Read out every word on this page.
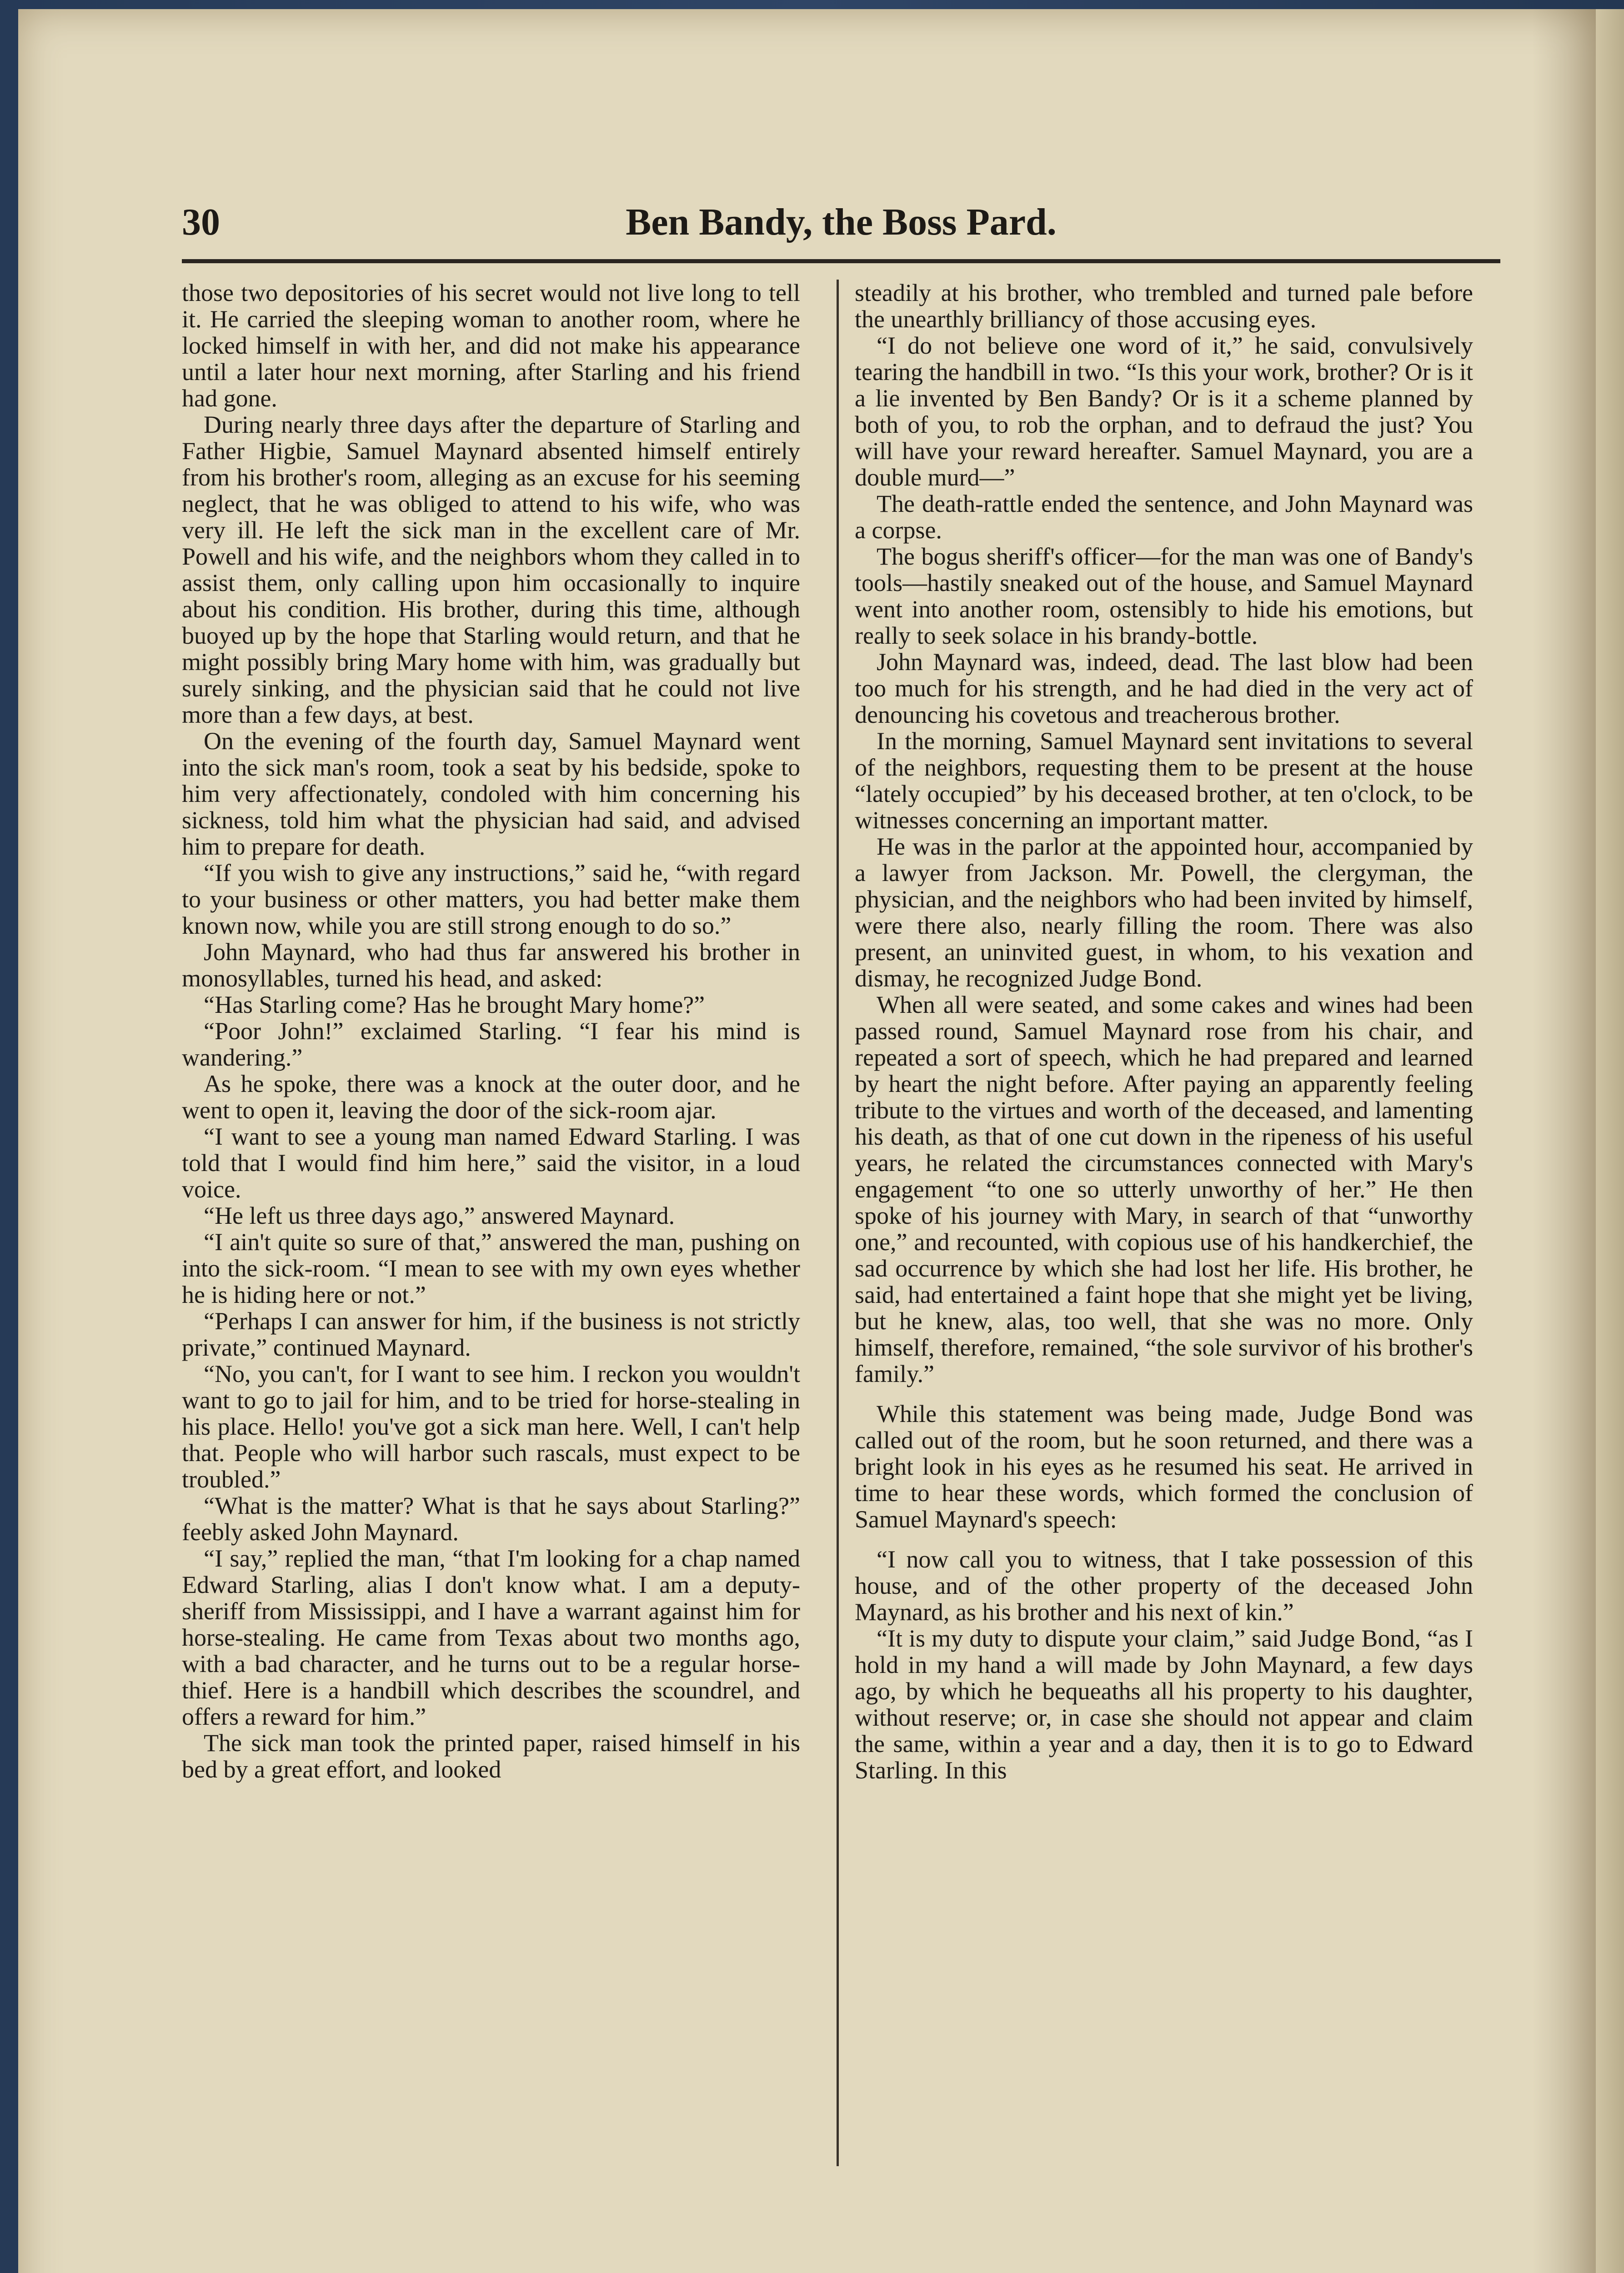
30	Ben Bandy, the Boss Pard.

those two depositories of his secret would not live long to tell it. He carried the sleeping woman to another room, where he locked himself in with her, and did not make his appearance until a later hour next morning, after Starling and his friend had gone.

During nearly three days after the departure of Starling and Father Higbie, Samuel Maynard absented himself entirely from his brother's room, alleging as an excuse for his seeming neglect, that he was obliged to attend to his wife, who was very ill. He left the sick man in the excellent care of Mr. Powell and his wife, and the neighbors whom they called in to assist them, only calling upon him occasionally to inquire about his condition. His brother, during this time, although buoyed up by the hope that Starling would return, and that he might possibly bring Mary home with him, was gradually but surely sinking, and the physician said that he could not live more than a few days, at best.

On the evening of the fourth day, Samuel Maynard went into the sick man's room, took a seat by his bedside, spoke to him very affectionately, condoled with him concerning his sickness, told him what the physician had said, and advised him to prepare for death.

“If you wish to give any instructions,” said he, “with regard to your business or other matters, you had better make them known now, while you are still strong enough to do so.”

John Maynard, who had thus far answered his brother in monosyllables, turned his head, and asked:

“Has Starling come? Has he brought Mary home?”

“Poor John!” exclaimed Starling. “I fear his mind is wandering.”

As he spoke, there was a knock at the outer door, and he went to open it, leaving the door of the sick-room ajar.

“I want to see a young man named Edward Starling. I was told that I would find him here,” said the visitor, in a loud voice.

“He left us three days ago,” answered Maynard.

“I ain't quite so sure of that,” answered the man, pushing on into the sick-room. “I mean to see with my own eyes whether he is hiding here or not.”

“Perhaps I can answer for him, if the business is not strictly private,” continued Maynard.

“No, you can't, for I want to see him. I reckon you wouldn't want to go to jail for him, and to be tried for horse-stealing in his place. Hello! you've got a sick man here. Well, I can't help that. People who will harbor such rascals, must expect to be troubled.”

“What is the matter? What is that he says about Starling?” feebly asked John Maynard.

“I say,” replied the man, “that I'm looking for a chap named Edward Starling, alias I don't know what. I am a deputy-sheriff from Mississippi, and I have a warrant against him for horse-stealing. He came from Texas about two months ago, with a bad character, and he turns out to be a regular horse-thief. Here is a handbill which describes the scoundrel, and offers a reward for him.”

The sick man took the printed paper, raised himself in his bed by a great effort, and looked

steadily at his brother, who trembled and turned pale before the unearthly brilliancy of those accusing eyes.

“I do not believe one word of it,” he said, convulsively tearing the handbill in two. “Is this your work, brother? Or is it a lie invented by Ben Bandy? Or is it a scheme planned by both of you, to rob the orphan, and to defraud the just? You will have your reward hereafter. Samuel Maynard, you are a double murd—”

The death-rattle ended the sentence, and John Maynard was a corpse.

The bogus sheriff's officer—for the man was one of Bandy's tools—hastily sneaked out of the house, and Samuel Maynard went into another room, ostensibly to hide his emotions, but really to seek solace in his brandy-bottle.

John Maynard was, indeed, dead. The last blow had been too much for his strength, and he had died in the very act of denouncing his covetous and treacherous brother.

In the morning, Samuel Maynard sent invitations to several of the neighbors, requesting them to be present at the house “lately occupied” by his deceased brother, at ten o'clock, to be witnesses concerning an important matter.

He was in the parlor at the appointed hour, accompanied by a lawyer from Jackson. Mr. Powell, the clergyman, the physician, and the neighbors who had been invited by himself, were there also, nearly filling the room. There was also present, an uninvited guest, in whom, to his vexation and dismay, he recognized Judge Bond.

When all were seated, and some cakes and wines had been passed round, Samuel Maynard rose from his chair, and repeated a sort of speech, which he had prepared and learned by heart the night before. After paying an apparently feeling tribute to the virtues and worth of the deceased, and lamenting his death, as that of one cut down in the ripeness of his useful years, he related the circumstances connected with Mary's engagement “to one so utterly unworthy of her.” He then spoke of his journey with Mary, in search of that “unworthy one,” and recounted, with copious use of his handkerchief, the sad occurrence by which she had lost her life. His brother, he said, had entertained a faint hope that she might yet be living, but he knew, alas, too well, that she was no more. Only himself, therefore, remained, “the sole survivor of his brother's family.”

While this statement was being made, Judge Bond was called out of the room, but he soon returned, and there was a bright look in his eyes as he resumed his seat. He arrived in time to hear these words, which formed the conclusion of Samuel Maynard's speech:

“I now call you to witness, that I take possession of this house, and of the other property of the deceased John Maynard, as his brother and his next of kin.”

“It is my duty to dispute your claim,” said Judge Bond, “as I hold in my hand a will made by John Maynard, a few days ago, by which he bequeaths all his property to his daughter, without reserve; or, in case she should not appear and claim the same, within a year and a day, then it is to go to Edward Starling. In this
